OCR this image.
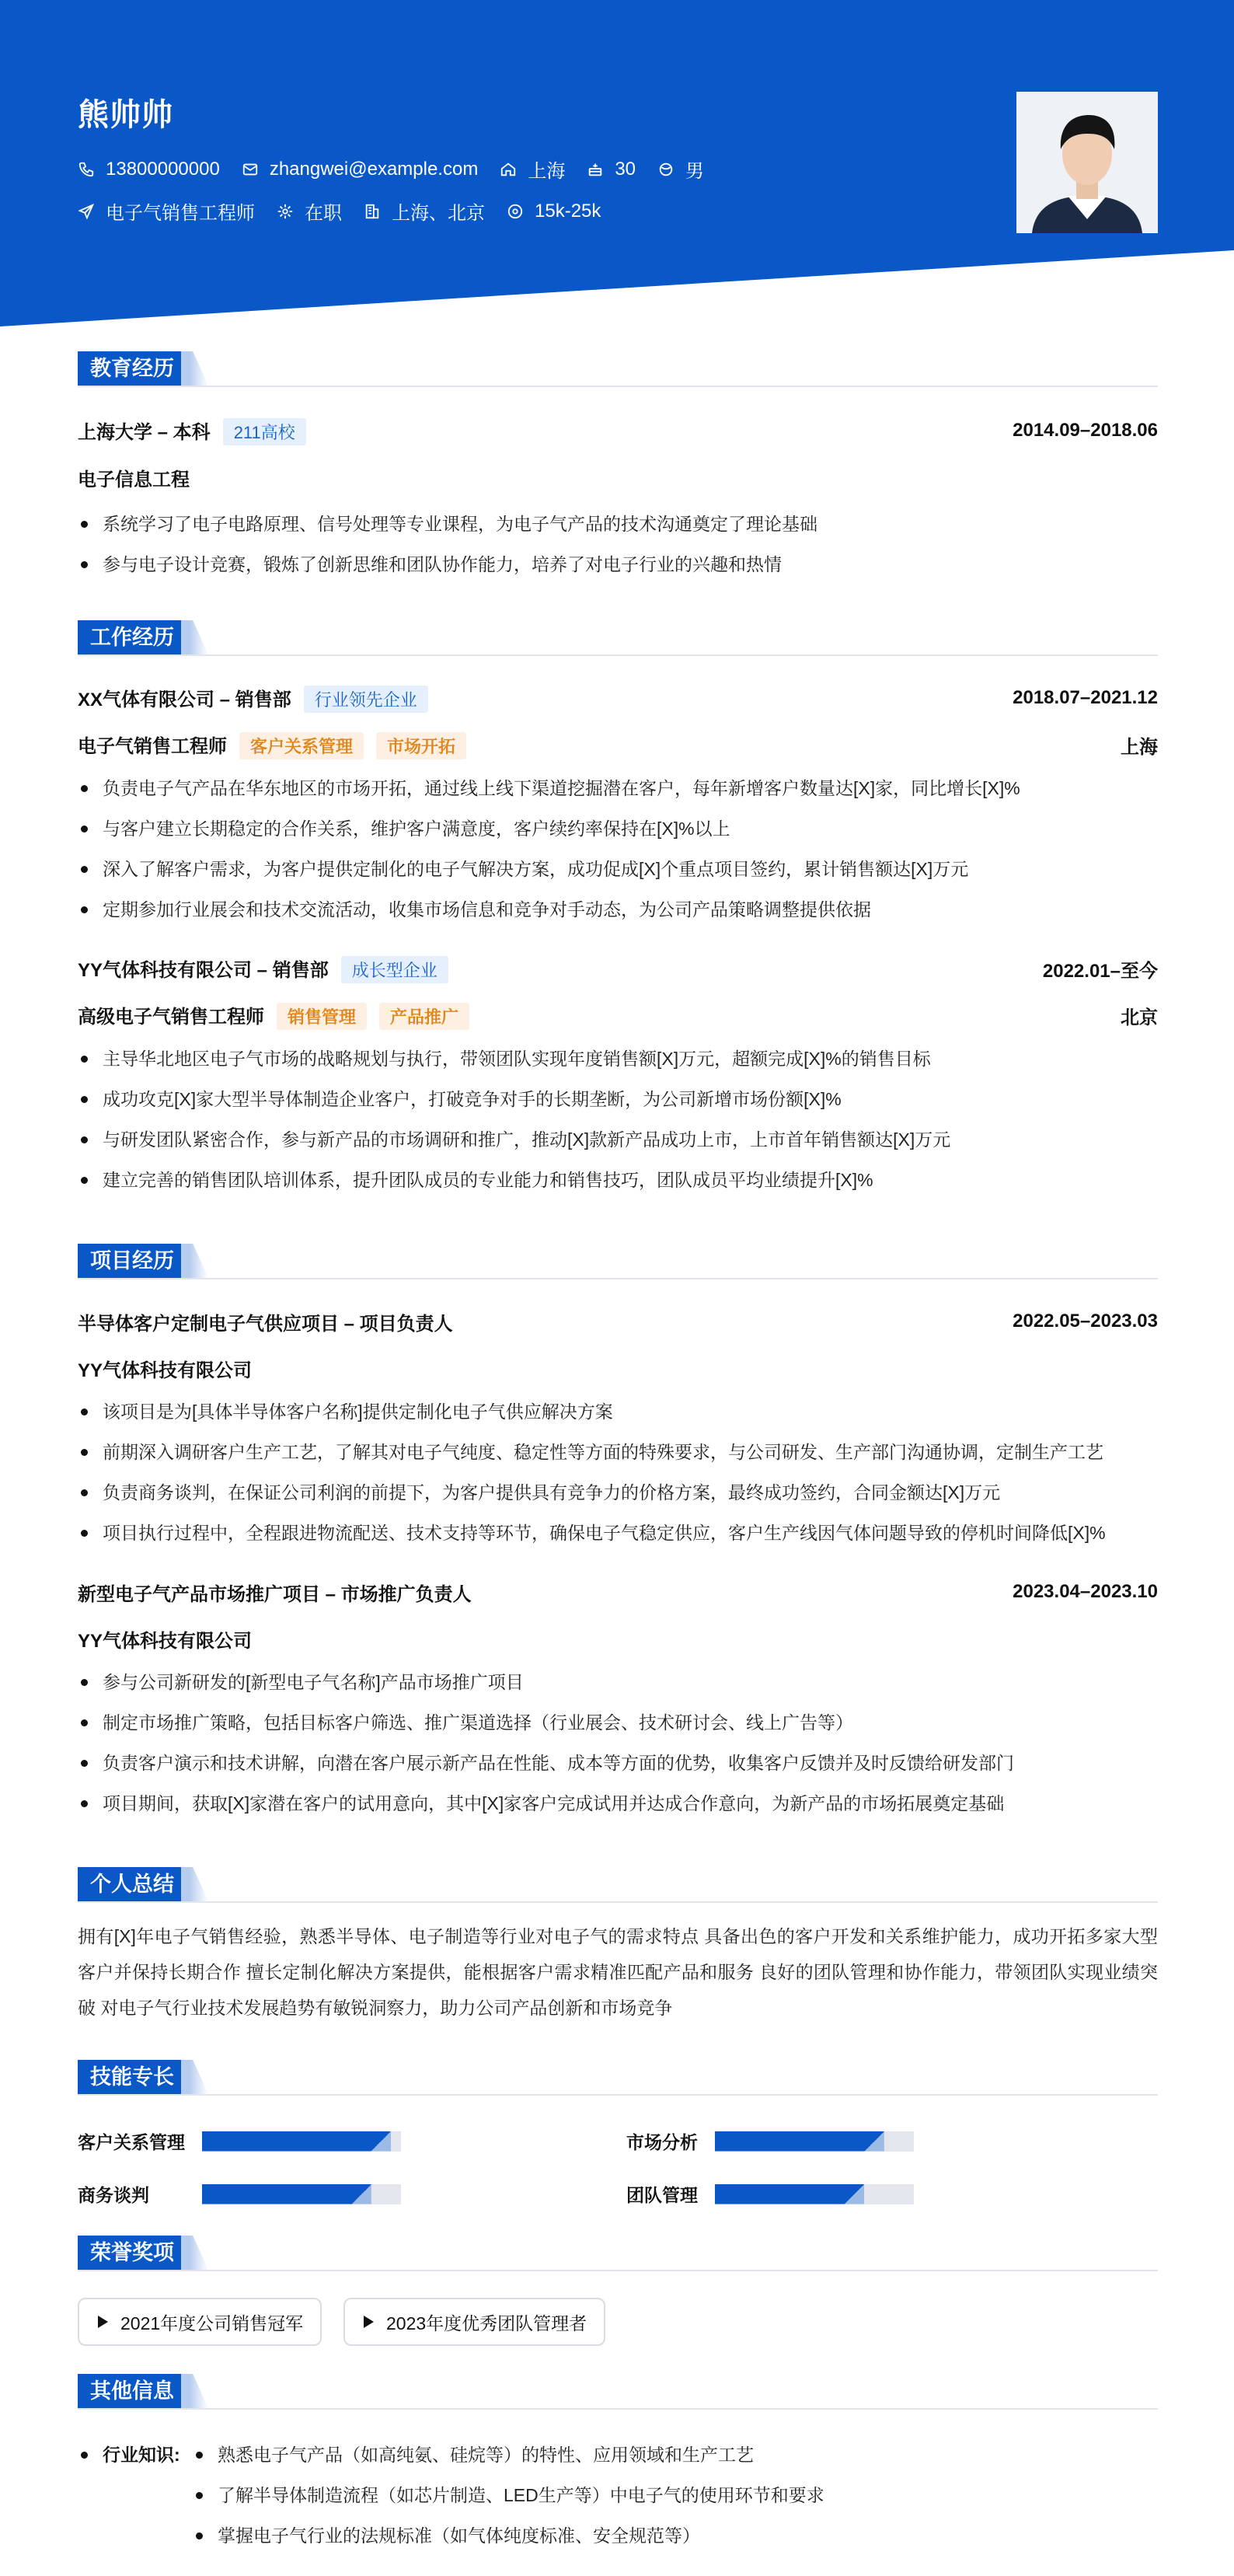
熊帅帅
13800000000	zhangwei@example.com	上海	30	男
电子气销售工程师	在职	上海、北京	15k-25k
教育经历
上海大学 – 本科 211高校	2014.09–2018.06
电子信息工程
系统学习了电子电路原理、信号处理等专业课程，为电子气产品的技术沟通奠定了理论基础
参与电子设计竞赛，锻炼了创新思维和团队协作能力，培养了对电子行业的兴趣和热情
工作经历
XX气体有限公司 – 销售部 行业领先企业	2018.07–2021.12
电子气销售工程师 客户关系管理 市场开拓	上海
负责电子气产品在华东地区的市场开拓，通过线上线下渠道挖掘潜在客户，每年新增客户数量达[X]家，同比增长[X]%
与客户建立长期稳定的合作关系，维护客户满意度，客户续约率保持在[X]%以上
深入了解客户需求，为客户提供定制化的电子气解决方案，成功促成[X]个重点项目签约，累计销售额达[X]万元
定期参加行业展会和技术交流活动，收集市场信息和竞争对手动态，为公司产品策略调整提供依据
YY气体科技有限公司 – 销售部 成长型企业	2022.01–至今
高级电子气销售工程师 销售管理 产品推广	北京
主导华北地区电子气市场的战略规划与执行，带领团队实现年度销售额[X]万元，超额完成[X]%的销售目标
成功攻克[X]家大型半导体制造企业客户，打破竞争对手的长期垄断，为公司新增市场份额[X]%
与研发团队紧密合作，参与新产品的市场调研和推广，推动[X]款新产品成功上市，上市首年销售额达[X]万元
建立完善的销售团队培训体系，提升团队成员的专业能力和销售技巧，团队成员平均业绩提升[X]%
项目经历
半导体客户定制电子气供应项目 – 项目负责人	2022.05–2023.03
YY气体科技有限公司
该项目是为[具体半导体客户名称]提供定制化电子气供应解决方案
前期深入调研客户生产工艺，了解其对电子气纯度、稳定性等方面的特殊要求，与公司研发、生产部门沟通协调，定制生产工艺
负责商务谈判，在保证公司利润的前提下，为客户提供具有竞争力的价格方案，最终成功签约，合同金额达[X]万元
项目执行过程中，全程跟进物流配送、技术支持等环节，确保电子气稳定供应，客户生产线因气体问题导致的停机时间降低[X]%
新型电子气产品市场推广项目 – 市场推广负责人	2023.04–2023.10
YY气体科技有限公司
参与公司新研发的[新型电子气名称]产品市场推广项目
制定市场推广策略，包括目标客户筛选、推广渠道选择（行业展会、技术研讨会、线上广告等）
负责客户演示和技术讲解，向潜在客户展示新产品在性能、成本等方面的优势，收集客户反馈并及时反馈给研发部门
项目期间，获取[X]家潜在客户的试用意向，其中[X]家客户完成试用并达成合作意向，为新产品的市场拓展奠定基础
个人总结
拥有[X]年电子气销售经验，熟悉半导体、电子制造等行业对电子气的需求特点 具备出色的客户开发和关系维护能力，成功开拓多家大型客户并保持长期合作 擅长定制化解决方案提供，能根据客户需求精准匹配产品和服务 良好的团队管理和协作能力，带领团队实现业绩突破 对电子气行业技术发展趋势有敏锐洞察力，助力公司产品创新和市场竞争
技能专长
客户关系管理	市场分析
商务谈判	团队管理
荣誉奖项
2021年度公司销售冠军	2023年度优秀团队管理者
其他信息
行业知识:	熟悉电子气产品（如高纯氨、硅烷等）的特性、应用领域和生产工艺
了解半导体制造流程（如芯片制造、LED生产等）中电子气的使用环节和要求
掌握电子气行业的法规标准（如气体纯度标准、安全规范等）
